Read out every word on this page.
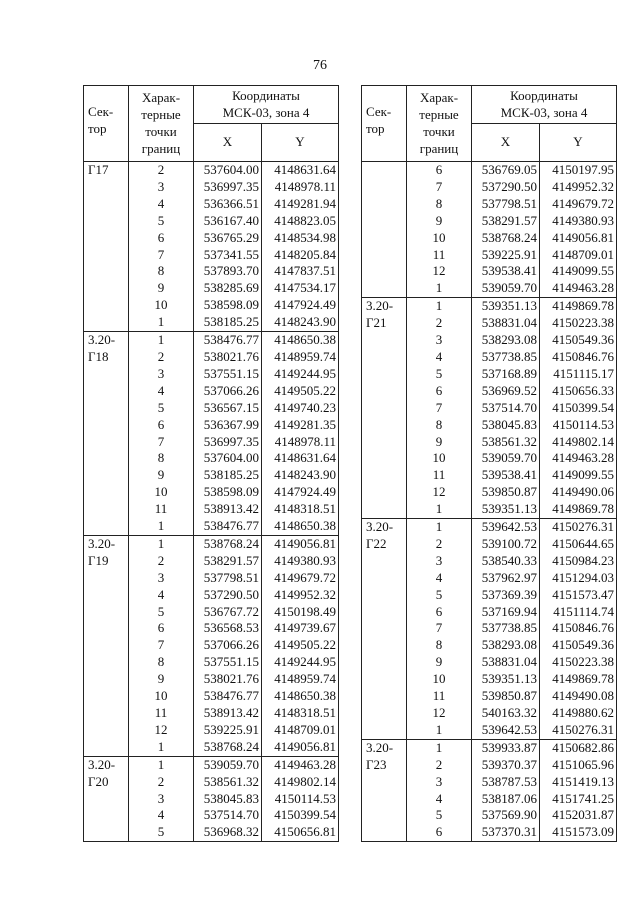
76
Сек-
тор	Харак-
терные
точки
границ	Координаты
МСК-03, зона 4	

		X	Y

Г17	2	537604.00	4148631.64
	3	536997.35	4148978.11
	4	536366.51	4149281.94
	5	536167.40	4148823.05
	6	536765.29	4148534.98
	7	537341.55	4148205.84
	8	537893.70	4147837.51
	9	538285.69	4147534.17
	10	538598.09	4147924.49
	1	538185.25	4148243.90

3.20-
Г18	1	538476.77	4148650.38
	2	538021.76	4148959.74
	3	537551.15	4149244.95
	4	537066.26	4149505.22
	5	536567.15	4149740.23
	6	536367.99	4149281.35
	7	536997.35	4148978.11
	8	537604.00	4148631.64
	9	538185.25	4148243.90
	10	538598.09	4147924.49
	11	538913.42	4148318.51
	1	538476.77	4148650.38

3.20-
Г19	1	538768.24	4149056.81
	2	538291.57	4149380.93
	3	537798.51	4149679.72
	4	537290.50	4149952.32
	5	536767.72	4150198.49
	6	536568.53	4149739.67
	7	537066.26	4149505.22
	8	537551.15	4149244.95
	9	538021.76	4148959.74
	10	538476.77	4148650.38
	11	538913.42	4148318.51
	12	539225.91	4148709.01
	1	538768.24	4149056.81

3.20-
Г20	1	539059.70	4149463.28
	2	538561.32	4149802.14
	3	538045.83	4150114.53
	4	537514.70	4150399.54
	5	536968.32	4150656.81
Сек-
тор	Харак-
терные
точки
границ	Координаты
МСК-03, зона 4	

		X	Y
	6	536769.05	4150197.95
	7	537290.50	4149952.32
	8	537798.51	4149679.72
	9	538291.57	4149380.93
	10	538768.24	4149056.81
	11	539225.91	4148709.01
	12	539538.41	4149099.55
	1	539059.70	4149463.28

3.20-
Г21	1	539351.13	4149869.78
	2	538831.04	4150223.38
	3	538293.08	4150549.36
	4	537738.85	4150846.76
	5	537168.89	4151115.17
	6	536969.52	4150656.33
	7	537514.70	4150399.54
	8	538045.83	4150114.53
	9	538561.32	4149802.14
	10	539059.70	4149463.28
	11	539538.41	4149099.55
	12	539850.87	4149490.06
	1	539351.13	4149869.78

3.20-
Г22	1	539642.53	4150276.31
	2	539100.72	4150644.65
	3	538540.33	4150984.23
	4	537962.97	4151294.03
	5	537369.39	4151573.47
	6	537169.94	4151114.74
	7	537738.85	4150846.76
	8	538293.08	4150549.36
	9	538831.04	4150223.38
	10	539351.13	4149869.78
	11	539850.87	4149490.08
	12	540163.32	4149880.62
	1	539642.53	4150276.31

3.20-
Г23	1	539933.87	4150682.86
	2	539370.37	4151065.96
	3	538787.53	4151419.13
	4	538187.06	4151741.25
	5	537569.90	4152031.87
	6	537370.31	4151573.09
